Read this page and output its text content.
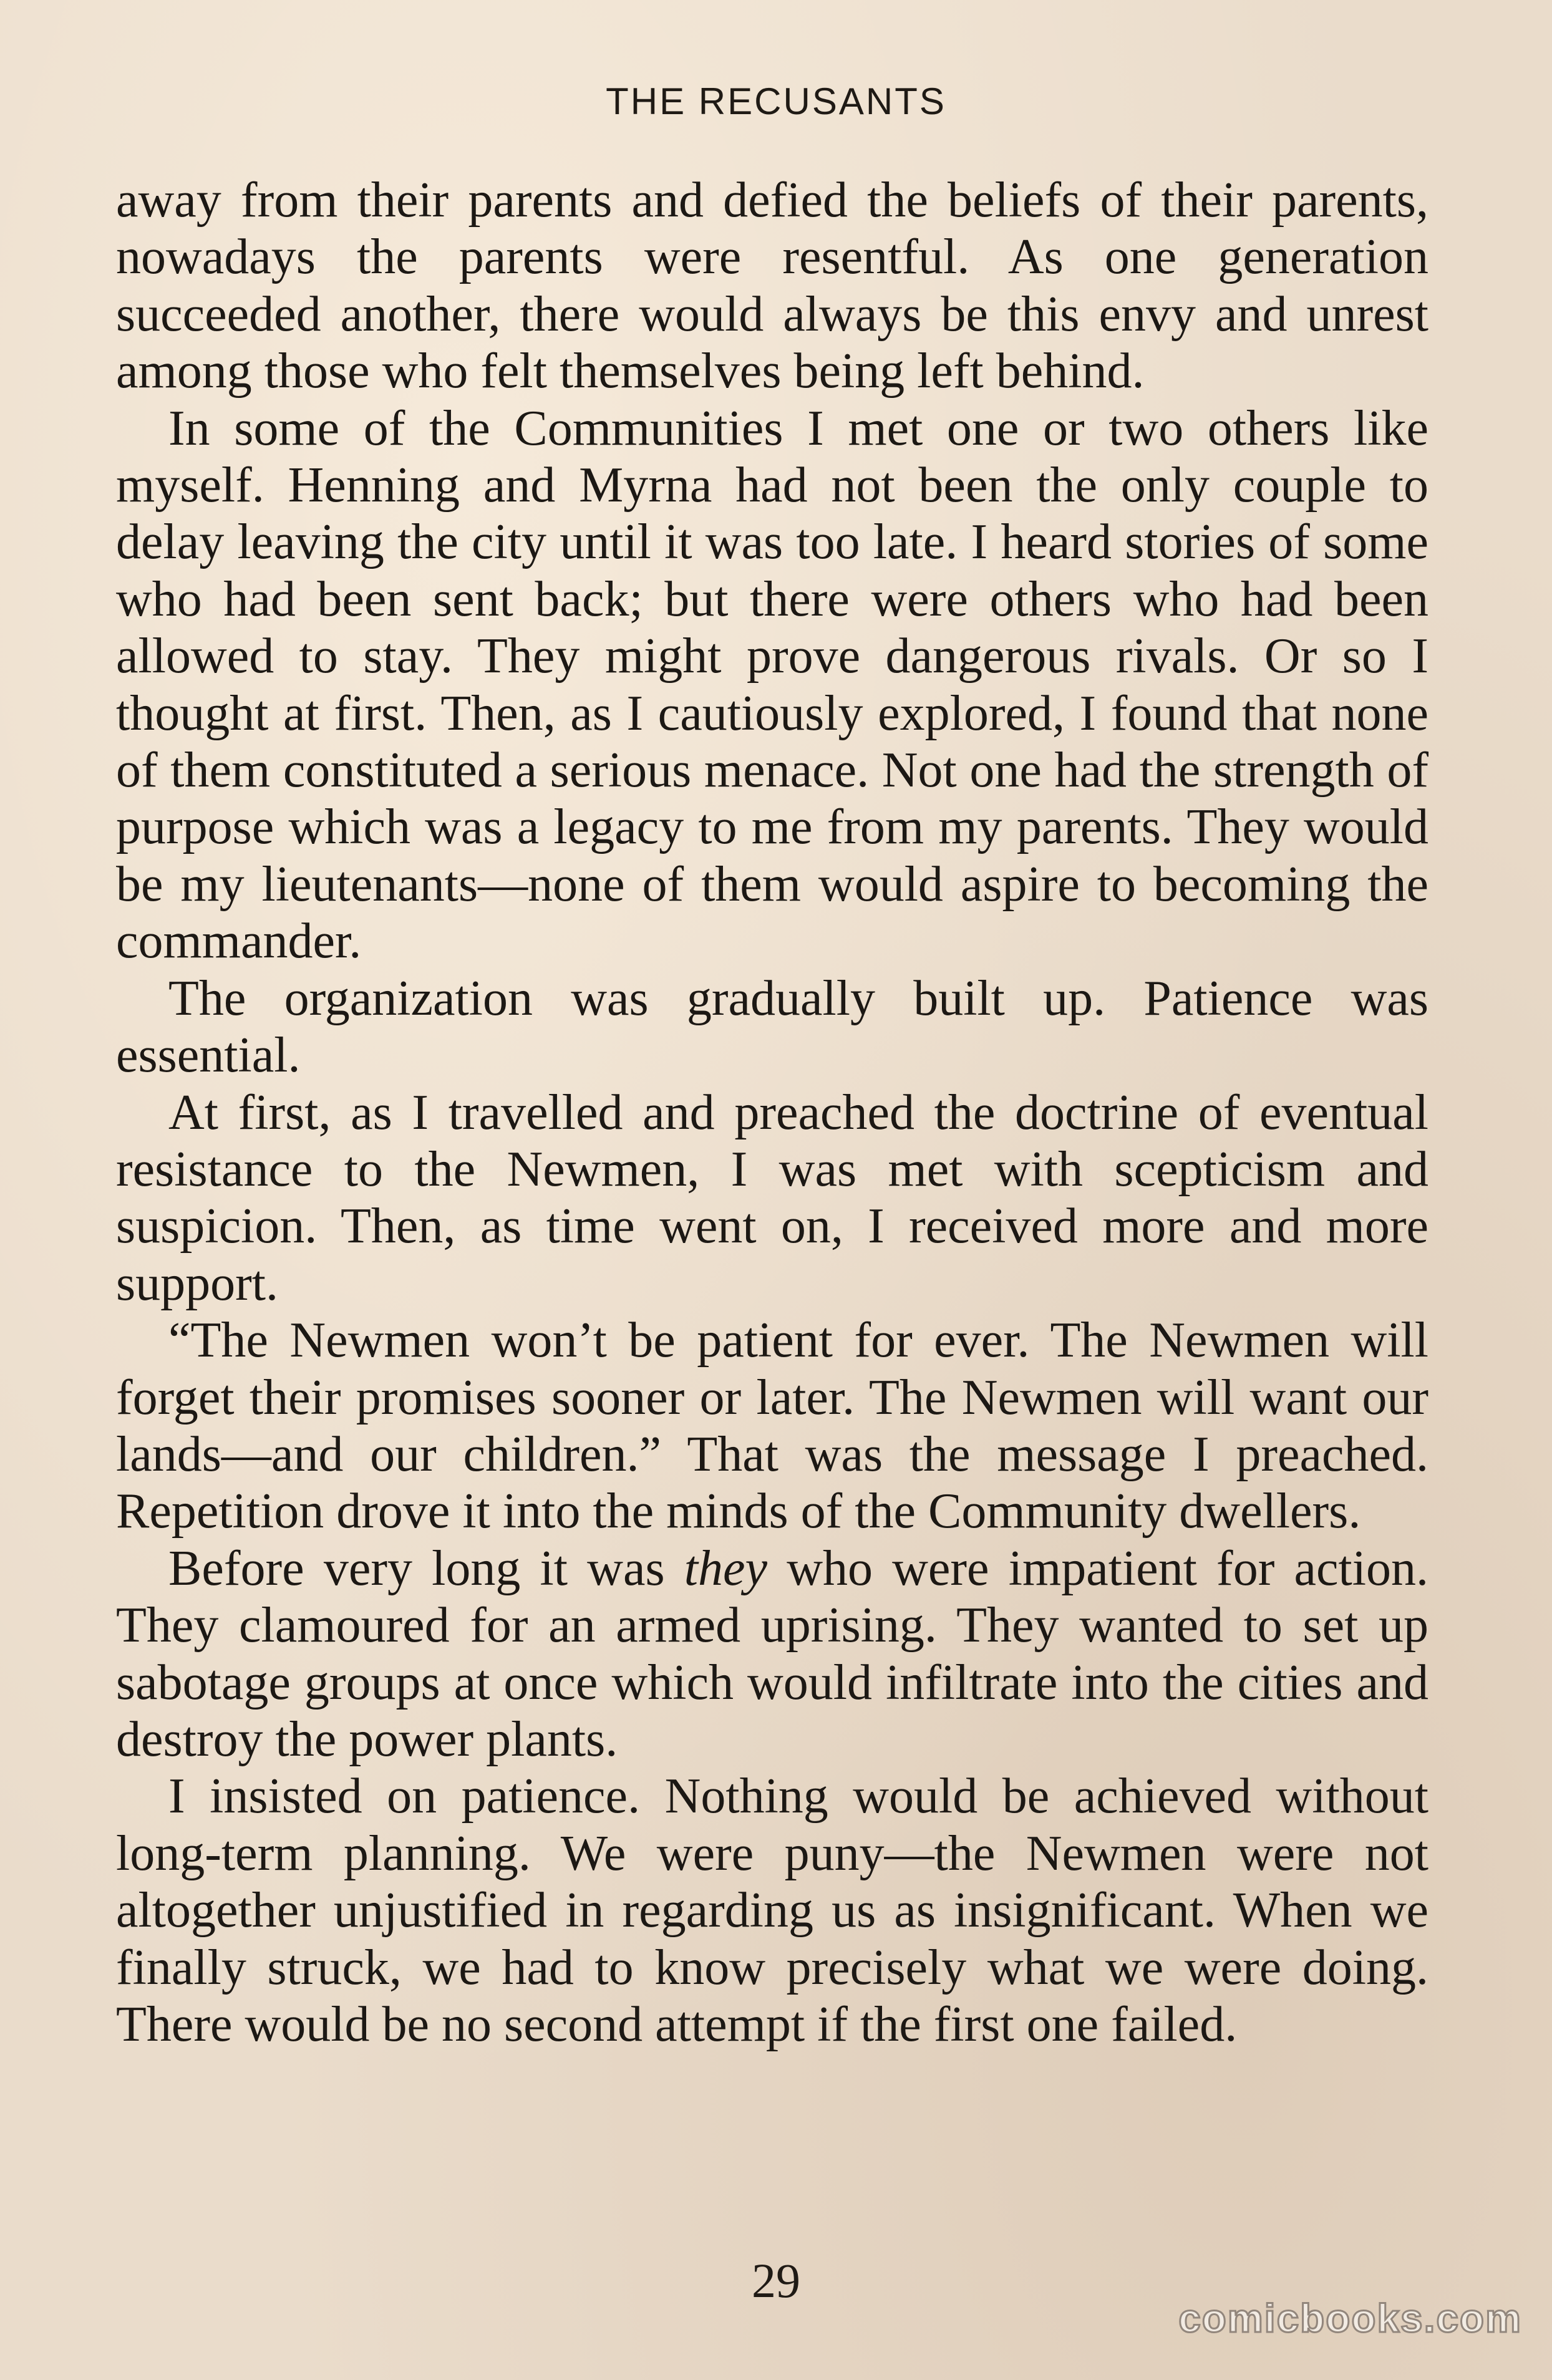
THE RECUSANTS

away from their parents and defied the beliefs of their parents, nowadays the parents were resentful. As one generation succeeded another, there would always be this envy and unrest among those who felt themselves being left behind.

In some of the Communities I met one or two others like myself. Henning and Myrna had not been the only couple to delay leaving the city until it was too late. I heard stories of some who had been sent back; but there were others who had been allowed to stay. They might prove dangerous rivals. Or so I thought at first. Then, as I cautiously explored, I found that none of them constituted a serious menace. Not one had the strength of purpose which was a legacy to me from my parents. They would be my lieutenants—none of them would aspire to becoming the commander.

The organization was gradually built up. Patience was essential.

At first, as I travelled and preached the doctrine of eventual resistance to the Newmen, I was met with scepticism and suspicion. Then, as time went on, I received more and more support.

“The Newmen won’t be patient for ever. The Newmen will forget their promises sooner or later. The Newmen will want our lands—and our children.” That was the message I preached. Repetition drove it into the minds of the Community dwellers.

Before very long it was they who were impatient for action. They clamoured for an armed uprising. They wanted to set up sabotage groups at once which would infiltrate into the cities and destroy the power plants.

I insisted on patience. Nothing would be achieved without long-term planning. We were puny—the Newmen were not altogether unjustified in regarding us as insignificant. When we finally struck, we had to know precisely what we were doing. There would be no second attempt if the first one failed.

29
comicbooks.com
